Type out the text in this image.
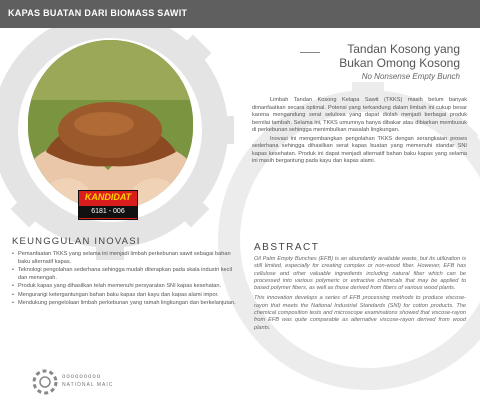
KAPAS BUATAN DARI BIOMASS SAWIT
KANDIDAT
6181 - 006
Tandan Kosong yang
Bukan Omong Kosong
No Nonsense Empty Bunch

Limbah Tandan Kosong Kelapa Sawit (TKKS) masih belum banyak dimanfaatkan secara optimal. Potensi yang terkandung dalam limbah ini cukup besar karena mengandung serat selulosa yang dapat diolah menjadi berbagai produk bernilai tambah. Selama ini, TKKS umumnya hanya dibakar atau dibiarkan membusuk di perkebunan sehingga menimbulkan masalah lingkungan.

Inovasi ini mengembangkan pengolahan TKKS dengan serangkaian proses sederhana sehingga dihasilkan serat kapas buatan yang memenuhi standar SNI kapas kesehatan. Produk ini dapat menjadi alternatif bahan baku kapas yang selama ini masih bergantung pada kayu dan kapas alami.

ABSTRACT

Oil Palm Empty Bunches (EFB) is an abundantly available waste, but its utilization is still limited, especially for creating complex or non-wood fiber. However, EFB has cellulose and other valuable ingredients including natural fiber which can be processed into various polymeric or extractive chemicals that may be applied to based polymer fibers, as well as those derived from fibers of various wood plants.

This innovation develops a series of EFB processing methods to produce viscose-rayon that meets the National Industrial Standards (SNI) for cotton products. The chemical composition tests and microscope examinations showed that viscose-rayon from EFB was quite comparable as alternative viscose-rayon derived from wood plants.

KEUNGGULAN INOVASI
• Pemanfaatan TKKS yang selama ini menjadi limbah perkebunan sawit sebagai bahan baku alternatif kapas.
• Teknologi pengolahan sederhana sehingga mudah diterapkan pada skala industri kecil dan menengah.
• Produk kapas yang dihasilkan telah memenuhi persyaratan SNI kapas kesehatan.
• Mengurangi ketergantungan bahan baku kapas dari kayu dan kapas alami impor.
• Mendukung pengelolaan limbah perkebunan yang ramah lingkungan dan berkelanjutan.
ooooooooo
NATIONAL MAIC
